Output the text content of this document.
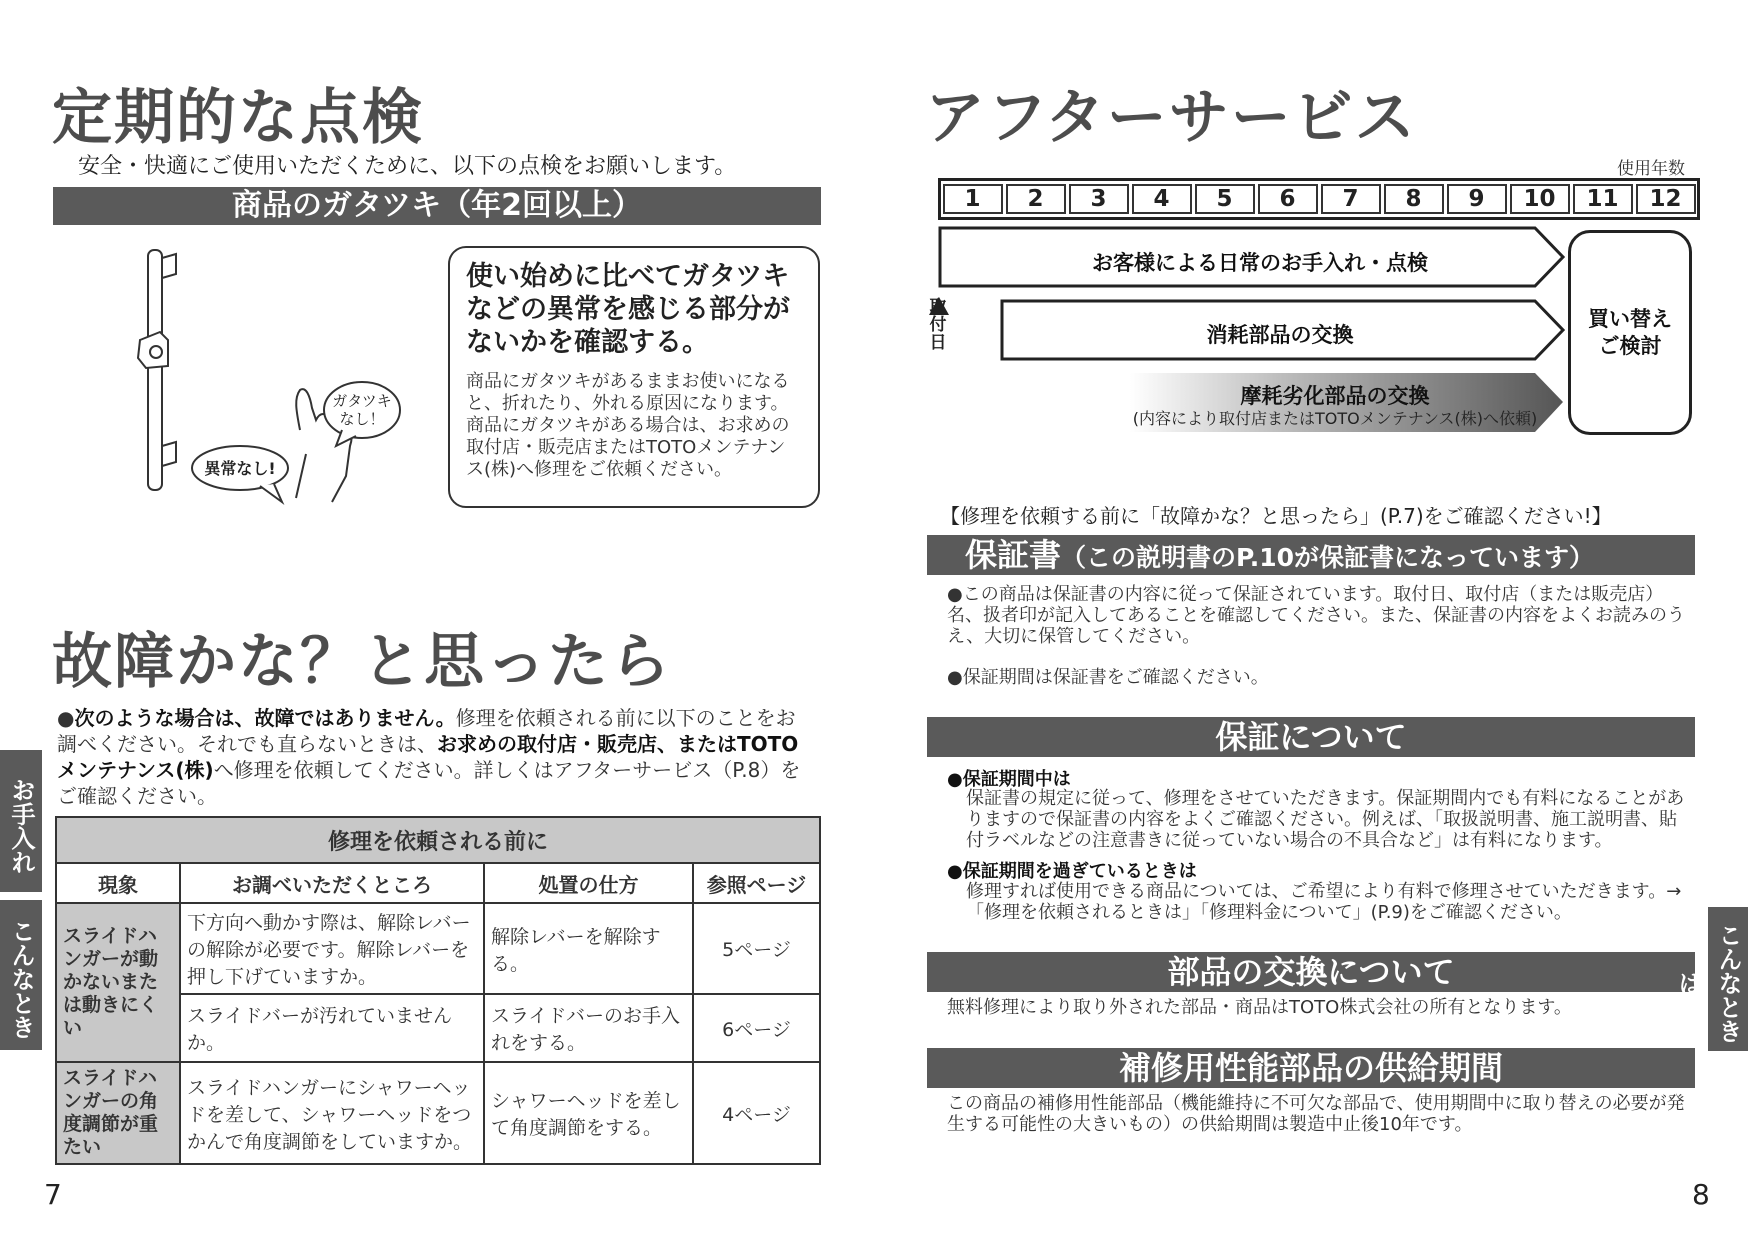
定期的な点検
安全・快適にご使用いただくために、以下の点検をお願いします。
商品のガタツキ（年2回以上）
ガタツキ
なし！
異常なし!
使い始めに比べてガタツキなどの異常を感じる部分がないかを確認する。
商品にガタツキがあるままお使いになると、折れたり、外れる原因になります。商品にガタツキがある場合は、お求めの取付店・販売店またはTOTOメンテナンス(株)へ修理をご依頼ください。
故障かな？と思ったら
●次のような場合は、故障ではありません。修理を依頼される前に以下のことをお調べください。それでも直らないときは、お求めの取付店・販売店、またはTOTOメンテナンス(株)へ修理を依頼してください。詳しくはアフターサービス（P.8）をご確認ください。
修理を依頼される前に			
現象	お調べいただくところ	処置の仕方	参照ページ
スライドハンガーが動かないまたは動きにくい	下方向へ動かす際は、解除レバーの解除が必要です。解除レバーを押し下げていますか。	解除レバーを解除する。	5ページ
	スライドバーが汚れていませんか。	スライドバーのお手入れをする。	6ページ
スライドハンガーの角度調節が重たい	スライドハンガーにシャワーヘッドを差して、シャワーヘッドをつかんで角度調節をしていますか。	シャワーヘッドを差して角度調節をする。	4ページ
お手入れ
こんなとき
7
アフターサービス
使用年数
1	2	3	4	5	6	7	8	9	10	11	12
お客様による日常のお手入れ・点検
消耗部品の交換
摩耗劣化部品の交換
(内容により取付店またはTOTOメンテナンス(株)へ依頼)
取付日
買い替え
ご検討
【修理を依頼する前に「故障かな？と思ったら」(P.7)をご確認ください!】
保証書（この説明書のP.10が保証書になっています）
●この商品は保証書の内容に従って保証されています。取付日、取付店（または販売店）名、扱者印が記入してあることを確認してください。また、保証書の内容をよくお読みのうえ、大切に保管してください。
●保証期間は保証書をご確認ください。
保証について
●保証期間中は
保証書の規定に従って、修理をさせていただきます。保証期間内でも有料になることがありますので保証書の内容をよくご確認ください。例えば、「取扱説明書、施工説明書、貼付ラベルなどの注意書きに従っていない場合の不具合など」は有料になります。
●保証期間を過ぎているときは
修理すれば使用できる商品については、ご希望により有料で修理させていただきます。→「修理を依頼されるときは」「修理料金について」(P.9)をご確認ください。
部品の交換について
無料修理により取り外された部品・商品はTOTO株式会社の所有となります。
補修用性能部品の供給期間
この商品の補修用性能部品（機能維持に不可欠な部品で、使用期間中に取り替えの必要が発生する可能性の大きいもの）の供給期間は製造中止後10年です。
こんなときは
8
